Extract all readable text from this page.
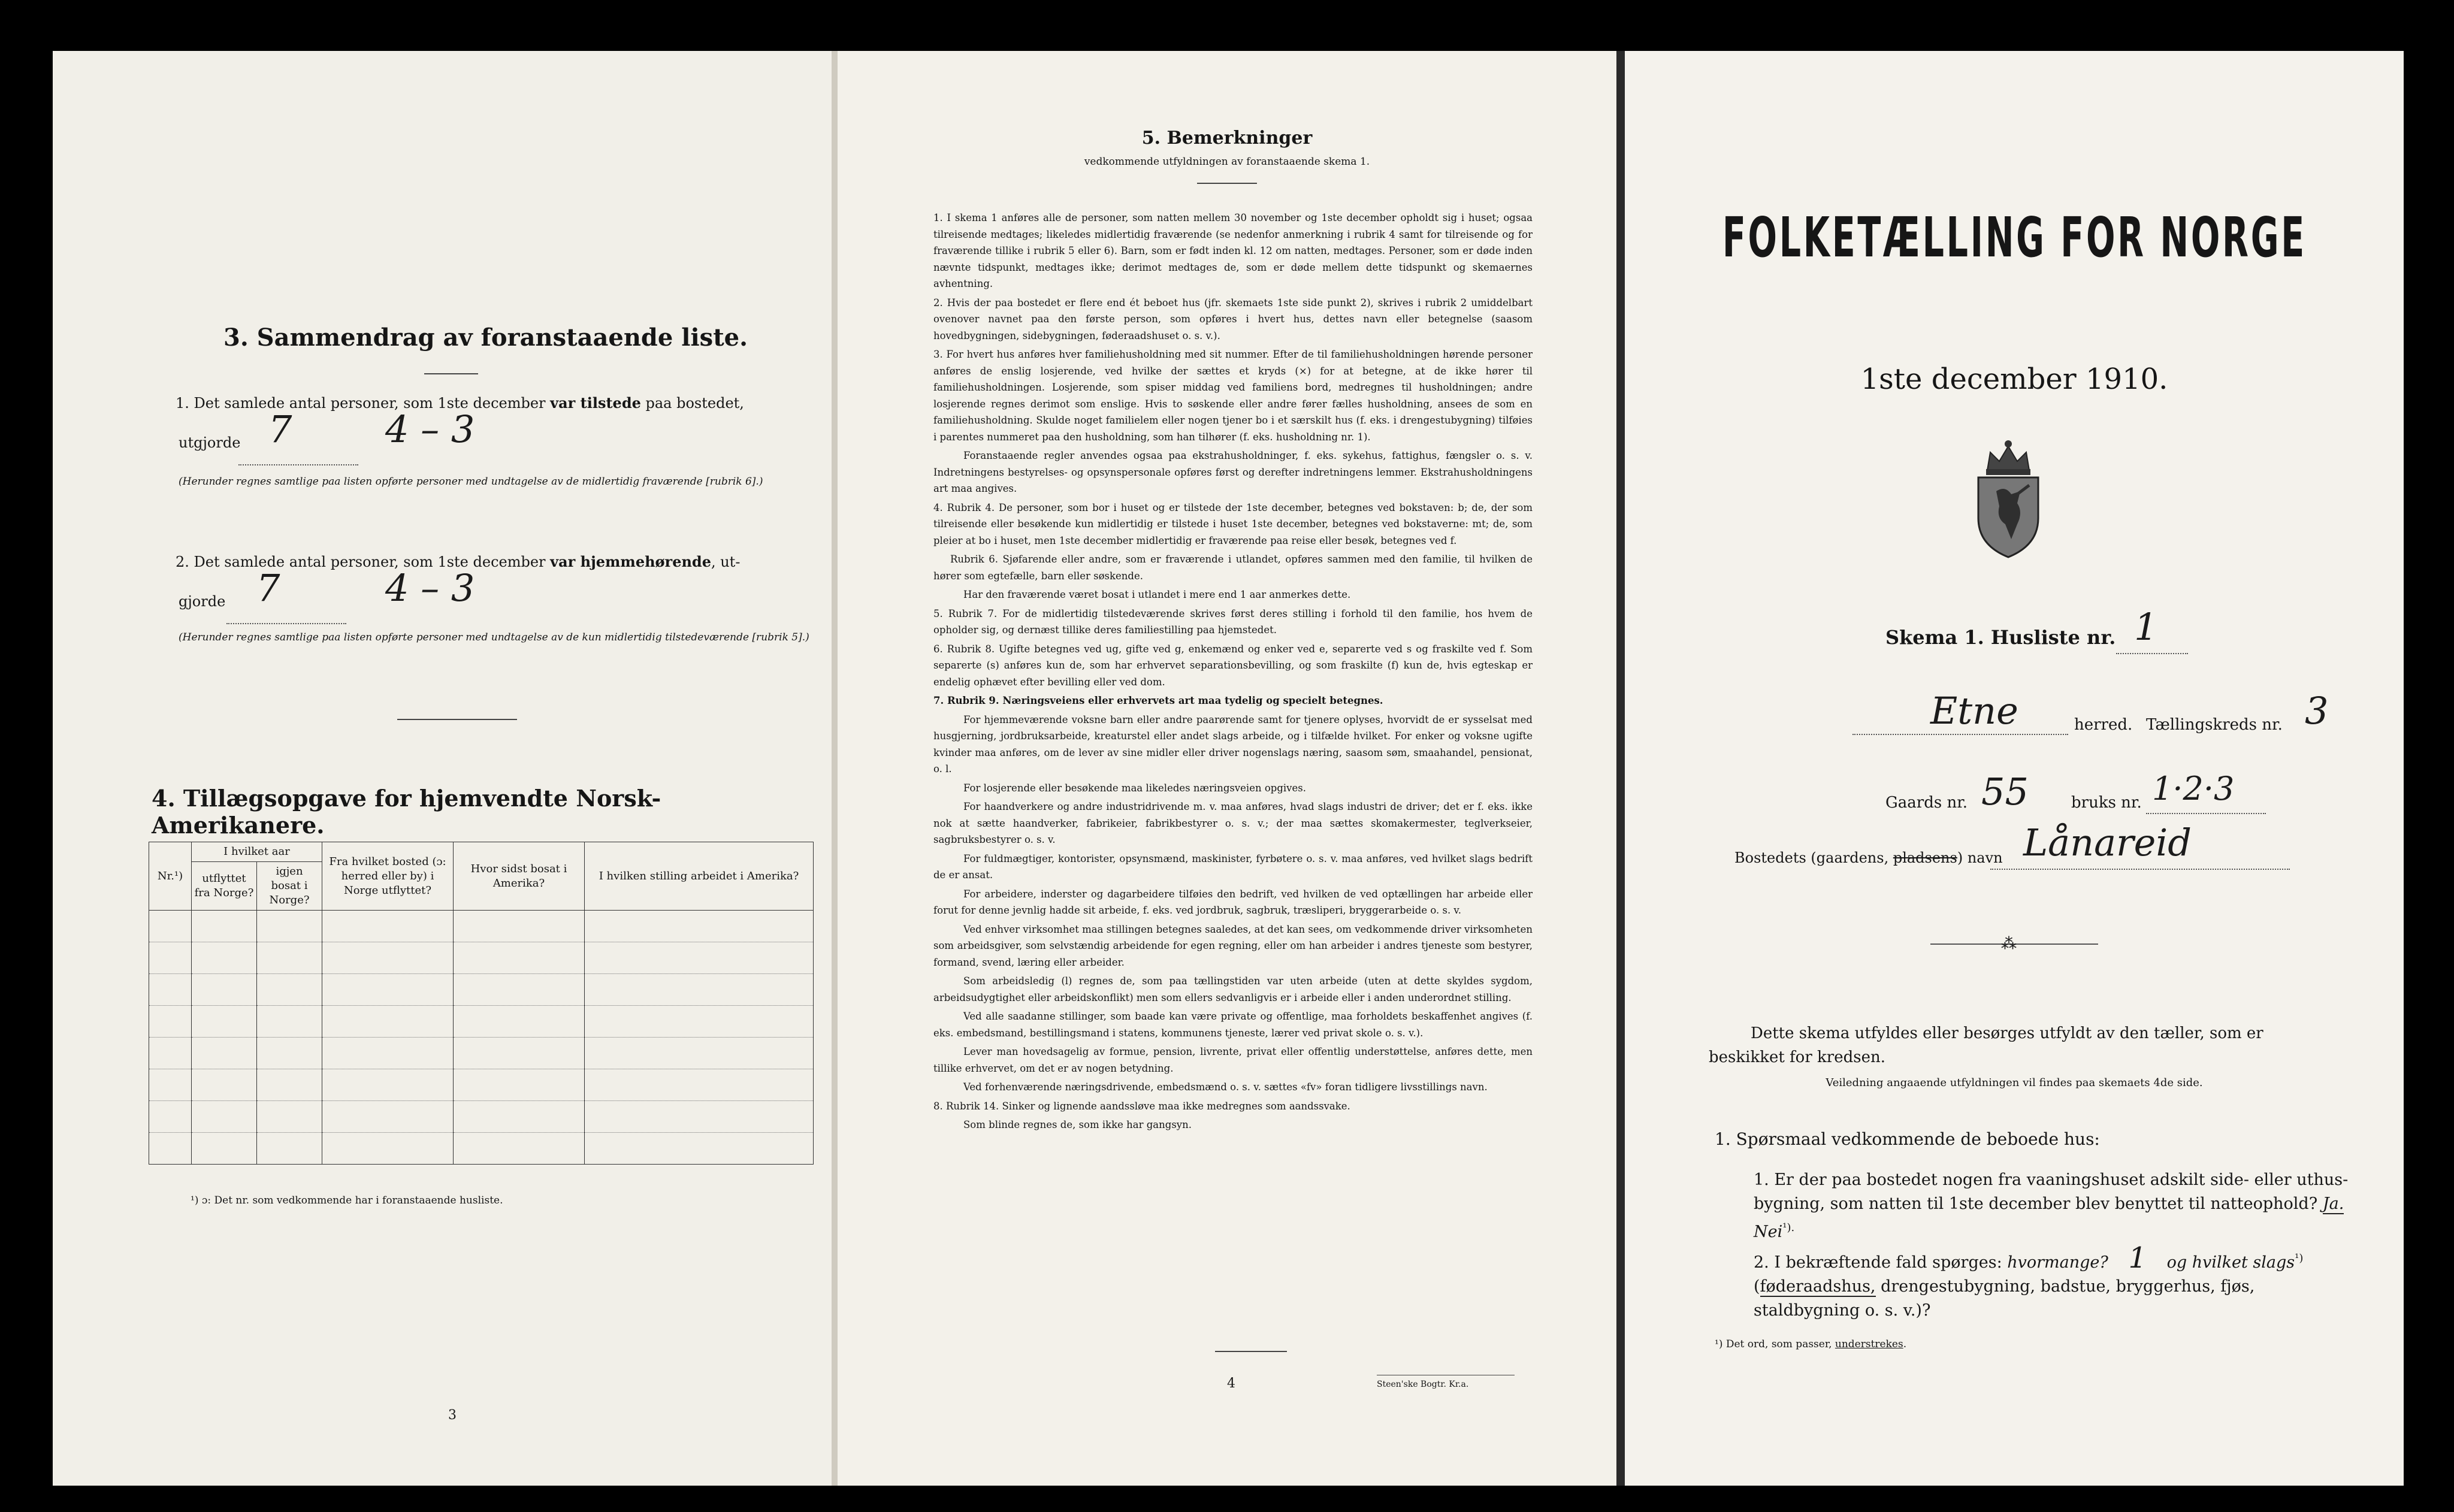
3. Sammendrag av foranstaaende liste.
1. Det samlede antal personer, som 1ste december var tilstede paa bostedet,
utgjorde 7	4 – 3
(Herunder regnes samtlige paa listen opførte personer med undtagelse av de midlertidig fraværende [rubrik 6].)
2. Det samlede antal personer, som 1ste december var hjemmehørende, ut-
gjorde 7	4 – 3
(Herunder regnes samtlige paa listen opførte personer med undtagelse av de kun midlertidig tilstedeværende [rubrik 5].)
4. Tillægsopgave for hjemvendte Norsk-Amerikanere.
Nr.¹)	I hvilket aar		Fra hvilket bosted (ɔ: herred eller by) i Norge utflyttet?	Hvor sidst bosat i Amerika?	I hvilken stilling arbeidet i Amerika?
	utflyttet fra Norge?	igjen bosat i Norge?			

¹) ɔ: Det nr. som vedkommende har i foranstaaende husliste.
3
5. Bemerkninger
vedkommende utfyldningen av foranstaaende skema 1.

1. I skema 1 anføres alle de personer, som natten mellem 30 november og 1ste december opholdt sig i huset; ogsaa tilreisende medtages; likeledes midlertidig fraværende (se nedenfor anmerkning i rubrik 4 samt for tilreisende og for fraværende tillike i rubrik 5 eller 6). Barn, som er født inden kl. 12 om natten, medtages. Personer, som er døde inden nævnte tidspunkt, medtages ikke; derimot medtages de, som er døde mellem dette tidspunkt og skemaernes avhentning.

2. Hvis der paa bostedet er flere end ét beboet hus (jfr. skemaets 1ste side punkt 2), skrives i rubrik 2 umiddelbart ovenover navnet paa den første person, som opføres i hvert hus, dettes navn eller betegnelse (saasom hovedbygningen, sidebygningen, føderaadshuset o. s. v.).

3. For hvert hus anføres hver familiehusholdning med sit nummer. Efter de til familiehusholdningen hørende personer anføres de enslig losjerende, ved hvilke der sættes et kryds (×) for at betegne, at de ikke hører til familiehusholdningen. Losjerende, som spiser middag ved familiens bord, medregnes til husholdningen; andre losjerende regnes derimot som enslige. Hvis to søskende eller andre fører fælles husholdning, ansees de som en familiehusholdning. Skulde noget familielem eller nogen tjener bo i et særskilt hus (f. eks. i drengestubygning) tilføies i parentes nummeret paa den husholdning, som han tilhører (f. eks. husholdning nr. 1).

Foranstaaende regler anvendes ogsaa paa ekstrahusholdninger, f. eks. sykehus, fattighus, fængsler o. s. v. Indretningens bestyrelses- og opsynspersonale opføres først og derefter indretningens lemmer. Ekstrahusholdningens art maa angives.

4. Rubrik 4. De personer, som bor i huset og er tilstede der 1ste december, betegnes ved bokstaven: b; de, der som tilreisende eller besøkende kun midlertidig er tilstede i huset 1ste december, betegnes ved bokstaverne: mt; de, som pleier at bo i huset, men 1ste december midlertidig er fraværende paa reise eller besøk, betegnes ved f.

Rubrik 6. Sjøfarende eller andre, som er fraværende i utlandet, opføres sammen med den familie, til hvilken de hører som egtefælle, barn eller søskende.

Har den fraværende været bosat i utlandet i mere end 1 aar anmerkes dette.

5. Rubrik 7. For de midlertidig tilstedeværende skrives først deres stilling i forhold til den familie, hos hvem de opholder sig, og dernæst tillike deres familiestilling paa hjemstedet.

6. Rubrik 8. Ugifte betegnes ved ug, gifte ved g, enkemænd og enker ved e, separerte ved s og fraskilte ved f. Som separerte (s) anføres kun de, som har erhvervet separationsbevilling, og som fraskilte (f) kun de, hvis egteskap er endelig ophævet efter bevilling eller ved dom.

7. Rubrik 9. Næringsveiens eller erhvervets art maa tydelig og specielt betegnes.

For hjemmeværende voksne barn eller andre paarørende samt for tjenere oplyses, hvorvidt de er sysselsat med husgjerning, jordbruksarbeide, kreaturstel eller andet slags arbeide, og i tilfælde hvilket. For enker og voksne ugifte kvinder maa anføres, om de lever av sine midler eller driver nogenslags næring, saasom søm, smaahandel, pensionat, o. l.

For losjerende eller besøkende maa likeledes næringsveien opgives.

For haandverkere og andre industridrivende m. v. maa anføres, hvad slags industri de driver; det er f. eks. ikke nok at sætte haandverker, fabrikeier, fabrikbestyrer o. s. v.; der maa sættes skomakermester, teglverkseier, sagbruksbestyrer o. s. v.

For fuldmægtiger, kontorister, opsynsmænd, maskinister, fyrbøtere o. s. v. maa anføres, ved hvilket slags bedrift de er ansat.

For arbeidere, inderster og dagarbeidere tilføies den bedrift, ved hvilken de ved optællingen har arbeide eller forut for denne jevnlig hadde sit arbeide, f. eks. ved jordbruk, sagbruk, træsliperi, bryggerarbeide o. s. v.

Ved enhver virksomhet maa stillingen betegnes saaledes, at det kan sees, om vedkommende driver virksomheten som arbeidsgiver, som selvstændig arbeidende for egen regning, eller om han arbeider i andres tjeneste som bestyrer, formand, svend, læring eller arbeider.

Som arbeidsledig (l) regnes de, som paa tællingstiden var uten arbeide (uten at dette skyldes sygdom, arbeidsudygtighet eller arbeidskonflikt) men som ellers sedvanligvis er i arbeide eller i anden underordnet stilling.

Ved alle saadanne stillinger, som baade kan være private og offentlige, maa forholdets beskaffenhet angives (f. eks. embedsmand, bestillingsmand i statens, kommunens tjeneste, lærer ved privat skole o. s. v.).

Lever man hovedsagelig av formue, pension, livrente, privat eller offentlig understøttelse, anføres dette, men tillike erhvervet, om det er av nogen betydning.

Ved forhenværende næringsdrivende, embedsmænd o. s. v. sættes «fv» foran tidligere livsstillings navn.

8. Rubrik 14. Sinker og lignende aandssløve maa ikke medregnes som aandssvake.

Som blinde regnes de, som ikke har gangsyn.

4	Steen'ske Bogtr. Kr.a.
FOLKETÆLLING FOR NORGE
1ste december 1910.
Skema 1. Husliste nr. 1
Etne	herred. Tællingskreds nr. 3
Gaards nr. 55	bruks nr. 1·2·3
Bostedets (gaardens, pladsens) navn Lånareid
⁂
Dette skema utfyldes eller besørges utfyldt av den tæller, som er beskikket for kredsen.
Veiledning angaaende utfyldningen vil findes paa skemaets 4de side.
1. Spørsmaal vedkommende de beboede hus:
1. Er der paa bostedet nogen fra vaaningshuset adskilt side- eller uthus-bygning, som natten til 1ste december blev benyttet til natteophold? Ja. Nei$^{^1).}$
2. I bekræftende fald spørges: hvormange? 1 og hvilket slags$^{^1)}$
(føderaadshus, drengestubygning, badstue, bryggerhus, fjøs, staldbygning o. s. v.)?
¹) Det ord, som passer, understrekes.
